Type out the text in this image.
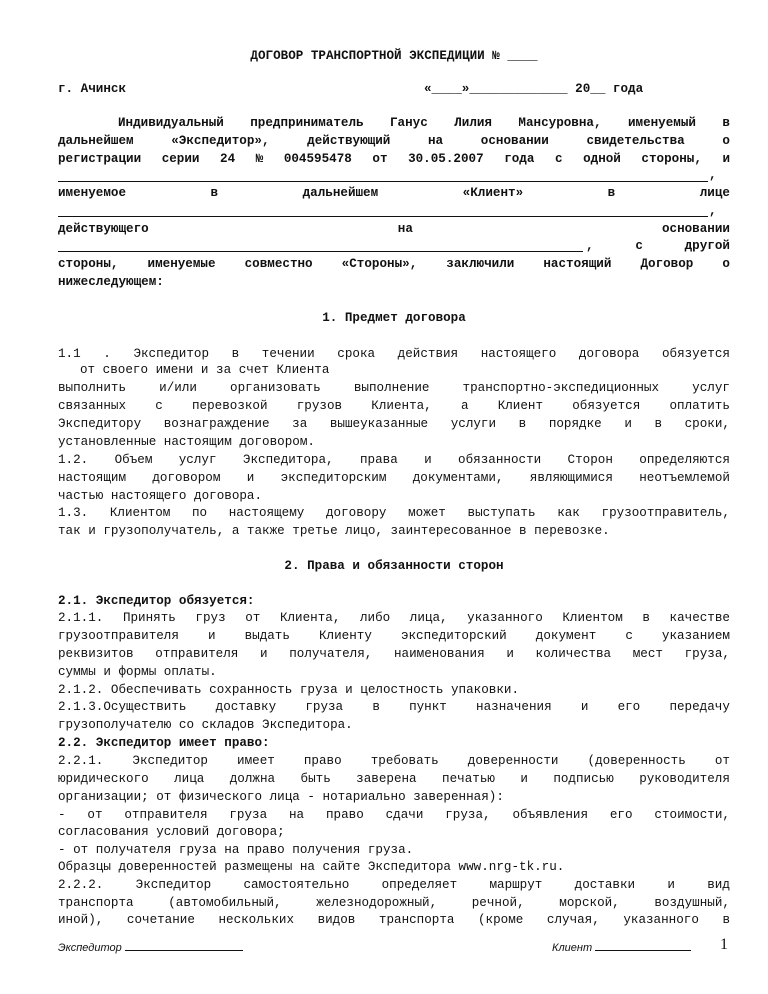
ДОГОВОР ТРАНСПОРТНОЙ ЭКСПЕДИЦИИ № ____
г. Ачинск	«____»_____________ 20__ года
Индивидуальный предприниматель Ганус Лилия Мансуровна, именуемый в
дальнейшем	«Экспедитор»,	действующий	на	основании	свидетельства	о
регистрации серии 24 № 004595478 от 30.05.2007 года с одной стороны, и
,
именуемое	в	дальнейшем	«Клиент»	в	лице
,
действующего	на	основании
,	с	другой
стороны, именуемые совместно «Стороны», заключили настоящий Договор о
нижеследующем:
1. Предмет договора
1.1 . Экспедитор в течении срока действия настоящего договора обязуется
от своего имени и за счет Клиента
выполнить	и/или	организовать	выполнение	транспортно-экспедиционных	услуг
связанных с перевозкой грузов Клиента, а Клиент обязуется оплатить
Экспедитору вознаграждение за вышеуказанные услуги в порядке и в сроки,
установленные настоящим договором.
1.2. Объем услуг Экспедитора, права и обязанности Сторон определяются
настоящим договором и экспедиторским документами, являющимися неотъемлемой
частью настоящего договора.
1.3. Клиентом по настоящему договору может выступать как грузоотправитель,
так и грузополучатель, а также третье лицо, заинтересованное в перевозке.
2. Права и обязанности сторон
2.1. Экспедитор обязуется:
2.1.1. Принять груз от Клиента, либо лица, указанного Клиентом в качестве
грузоотправителя и выдать Клиенту экспедиторский документ с указанием
реквизитов отправителя и получателя, наименования и количества мест груза,
суммы и формы оплаты.
2.1.2. Обеспечивать сохранность груза и целостность упаковки.
2.1.3.Осуществить доставку груза в пункт назначения и его передачу
грузополучателю со складов Экспедитора.
2.2. Экспедитор имеет право:
2.2.1. Экспедитор имеет право требовать доверенности (доверенность от
юридического лица должна быть заверена печатью и подписью руководителя
организации; от физического лица - нотариально заверенная):
- от отправителя груза на право сдачи груза, объявления его стоимости,
согласования условий договора;
- от получателя груза на право получения груза.
Образцы доверенностей размещены на сайте Экспедитора www.nrg-tk.ru.
2.2.2.	Экспедитор	самостоятельно	определяет	маршрут	доставки	и	вид
транспорта	(автомобильный,	железнодорожный,	речной,	морской,	воздушный,
иной), сочетание нескольких видов транспорта (кроме случая, указанного в
Экспедитор	Клиент	1
